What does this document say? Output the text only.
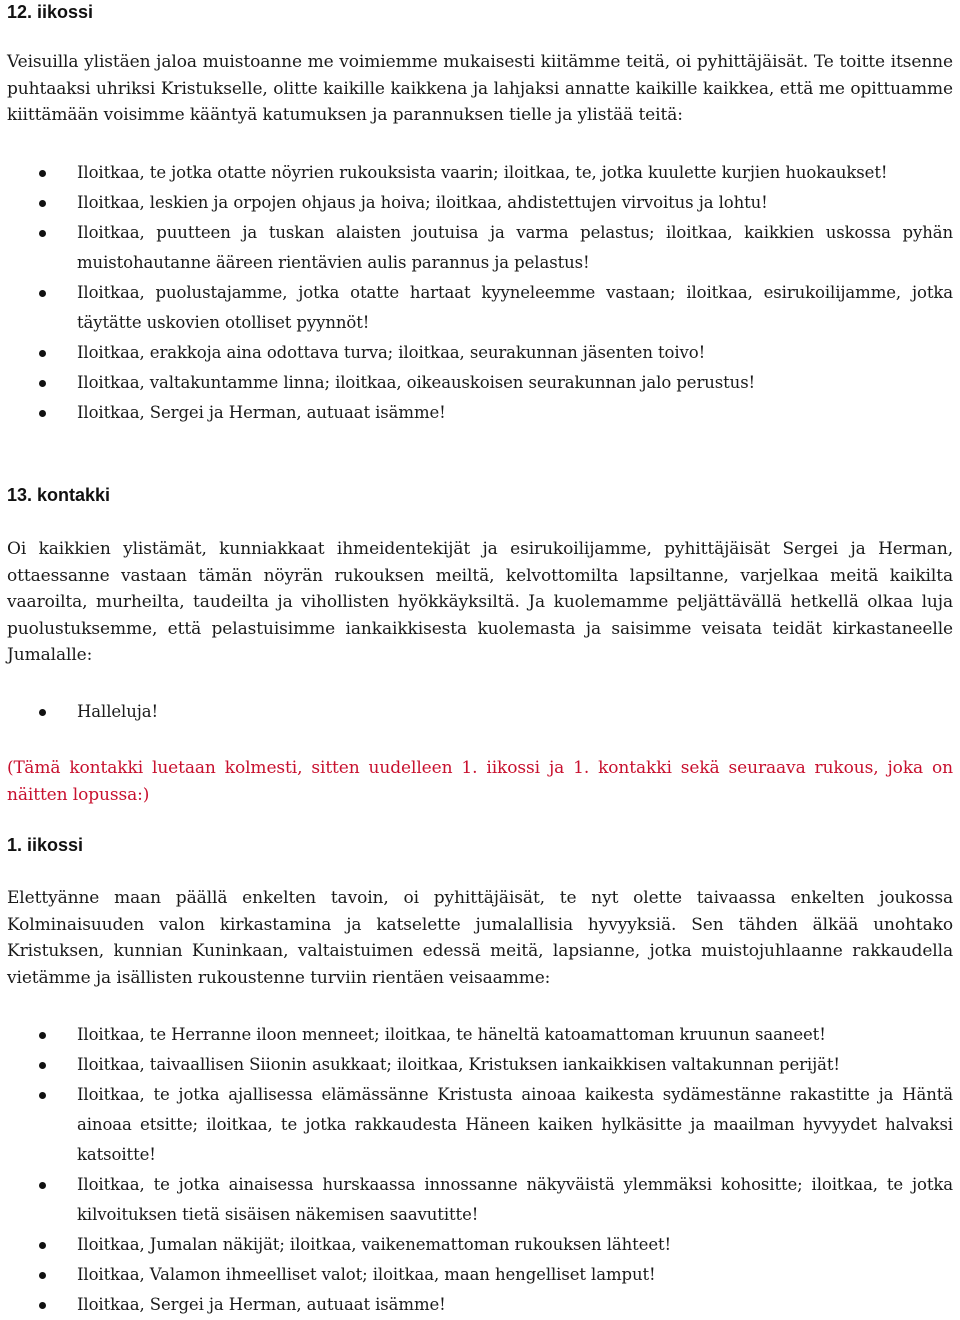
12. iikossi

Veisuilla ylistäen jaloa muistoanne me voimiemme mukaisesti kiitämme teitä, oi pyhittäjäisät. Te toitte itsenne puhtaaksi uhriksi Kristukselle, olitte kaikille kaikkena ja lahjaksi annatte kaikille kaikkea, että me opittuamme kiittämään voisimme kääntyä katumuksen ja parannuksen tielle ja ylistää teitä:

Iloitkaa, te jotka otatte nöyrien rukouksista vaarin; iloitkaa, te, jotka kuulette kurjien huokaukset!
Iloitkaa, leskien ja orpojen ohjaus ja hoiva; iloitkaa, ahdistettujen virvoitus ja lohtu!
Iloitkaa, puutteen ja tuskan alaisten joutuisa ja varma pelastus; iloitkaa, kaikkien uskossa pyhän muistohautanne ääreen rientävien aulis parannus ja pelastus!
Iloitkaa, puolustajamme, jotka otatte hartaat kyyneleemme vastaan; iloitkaa, esirukoilijamme, jotka täytätte uskovien otolliset pyynnöt!
Iloitkaa, erakkoja aina odottava turva; iloitkaa, seurakunnan jäsenten toivo!
Iloitkaa, valtakuntamme linna; iloitkaa, oikeauskoisen seurakunnan jalo perustus!
Iloitkaa, Sergei ja Herman, autuaat isämme!
13. kontakki

Oi kaikkien ylistämät, kunniakkaat ihmeidentekijät ja esirukoilijamme, pyhittäjäisät Sergei ja Herman, ottaessanne vastaan tämän nöyrän rukouksen meiltä, kelvottomilta lapsiltanne, varjelkaa meitä kaikilta vaaroilta, murheilta, taudeilta ja vihollisten hyökkäyksiltä. Ja kuolemamme peljättävällä hetkellä olkaa luja puolustuksemme, että pelastuisimme iankaikkisesta kuolemasta ja saisimme veisata teidät kirkastaneelle Jumalalle:

Halleluja!

(Tämä kontakki luetaan kolmesti, sitten uudelleen 1. iikossi ja 1. kontakki sekä seuraava rukous, joka on näitten lopussa:)

1. iikossi

Elettyänne maan päällä enkelten tavoin, oi pyhittäjäisät, te nyt olette taivaassa enkelten joukossa Kolminaisuuden valon kirkastamina ja katselette jumalallisia hyvyyksiä. Sen tähden älkää unohtako Kristuksen, kunnian Kuninkaan, valtaistuimen edessä meitä, lapsianne, jotka muistojuhlaanne rakkaudella vietämme ja isällisten rukoustenne turviin rientäen veisaamme:

Iloitkaa, te Herranne iloon menneet; iloitkaa, te häneltä katoamattoman kruunun saaneet!
Iloitkaa, taivaallisen Siionin asukkaat; iloitkaa, Kristuksen iankaikkisen valtakunnan perijät!
Iloitkaa, te jotka ajallisessa elämässänne Kristusta ainoaa kaikesta sydämestänne rakastitte ja Häntä ainoaa etsitte; iloitkaa, te jotka rakkaudesta Häneen kaiken hylkäsitte ja maailman hyvyydet halvaksi katsoitte!
Iloitkaa, te jotka ainaisessa hurskaassa innossanne näkyväistä ylemmäksi kohositte; iloitkaa, te jotka kilvoituksen tietä sisäisen näkemisen saavutitte!
Iloitkaa, Jumalan näkijät; iloitkaa, vaikenemattoman rukouksen lähteet!
Iloitkaa, Valamon ihmeelliset valot; iloitkaa, maan hengelliset lamput!
Iloitkaa, Sergei ja Herman, autuaat isämme!
